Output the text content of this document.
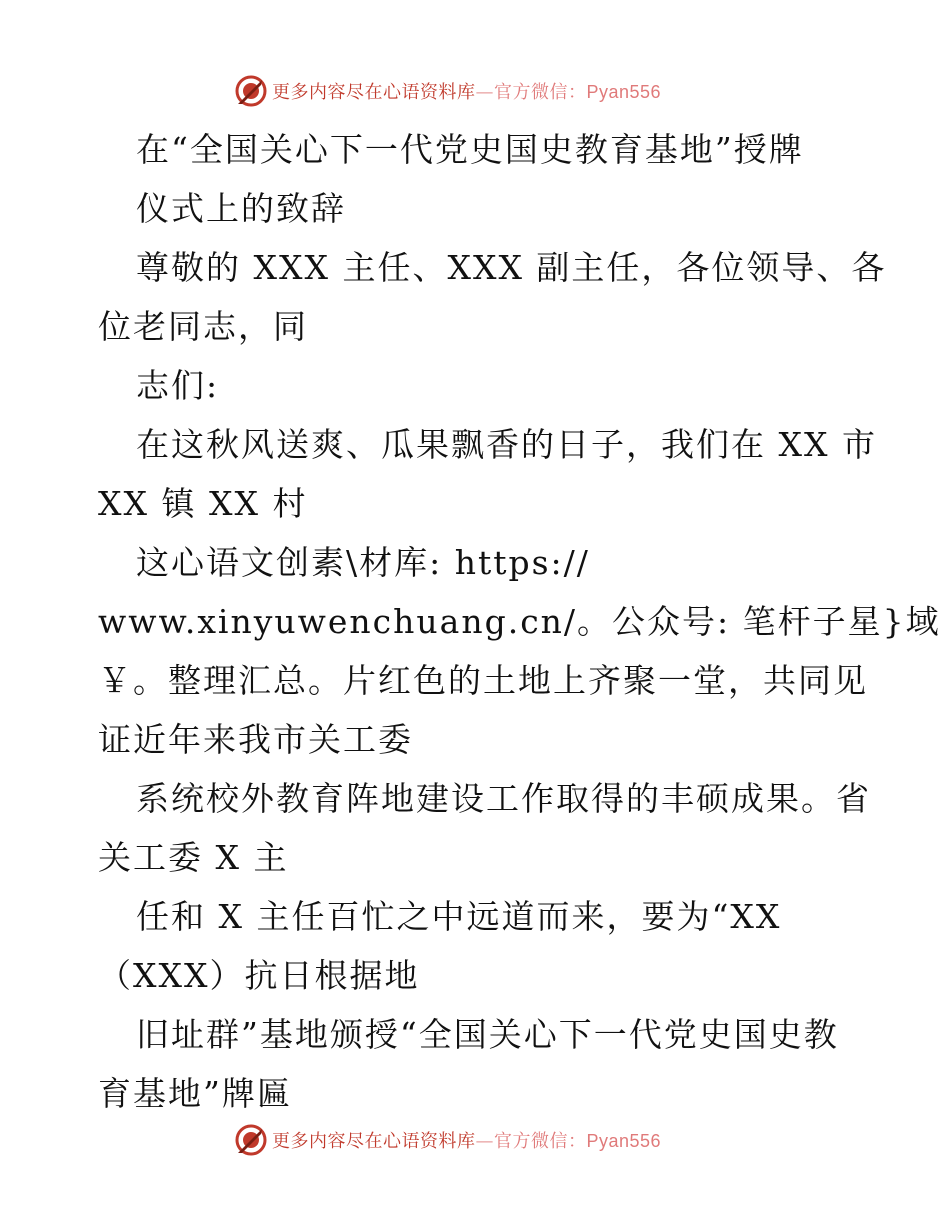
更多内容尽在心语资料库—官方微信：Pyan556
在“全国关心下一代党史国史教育基地”授牌
仪式上的致辞
尊敬的 XXX 主任、XXX 副主任，各位领导、各
位老同志，同
志们:
在这秋风送爽、瓜果飘香的日子，我们在 XX 市
XX 镇 XX 村
这心语文创素\材库: https://
www.xinyuwenchuang.cn/。公众号: 笔杆子星}域
￥。整理汇总。片红色的土地上齐聚一堂，共同见
证近年来我市关工委
系统校外教育阵地建设工作取得的丰硕成果。省
关工委 X 主
任和 X 主任百忙之中远道而来，要为“XX
（XXX）抗日根据地
旧址群”基地颁授“全国关心下一代党史国史教
育基地”牌匾
更多内容尽在心语资料库—官方微信：Pyan556
